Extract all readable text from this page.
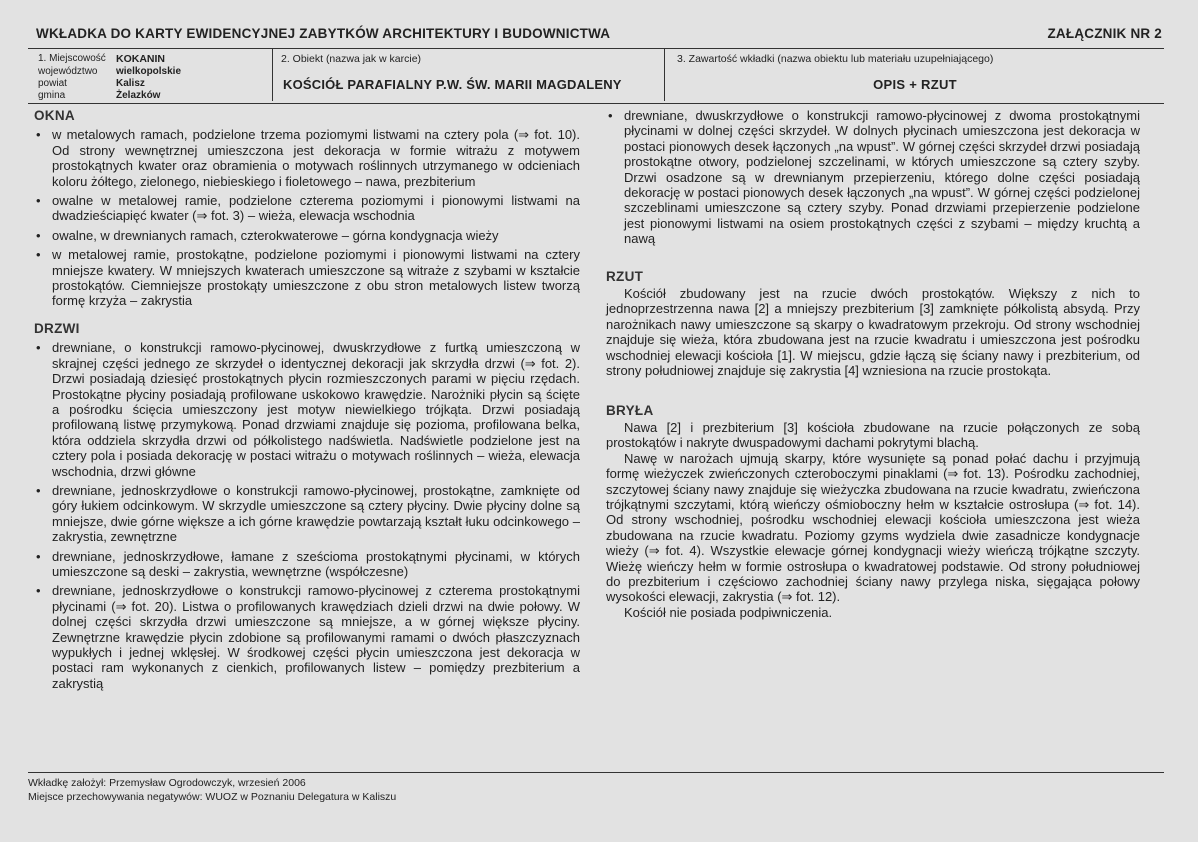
WKŁADKA DO KARTY EWIDENCYJNEJ ZABYTKÓW ARCHITEKTURY I BUDOWNICTWA	ZAŁĄCZNIK NR 2
1. Miejscowość KOKANIN
województwo wielkopolskie
powiat	Kalisz
gmina	Żelazków
2. Obiekt (nazwa jak w karcie)
KOŚCIÓŁ PARAFIALNY P.W. ŚW. MARII MAGDALENY
3. Zawartość wkładki (nazwa obiektu lub materiału uzupełniającego)
OPIS + RZUT
OKNA
• w metalowych ramach, podzielone trzema poziomymi listwami na cztery pola (⇒ fot. 10). Od strony wewnętrznej umieszczona jest dekoracja w formie witrażu z motywem prostokątnych kwater oraz obramienia o motywach roślinnych utrzymanego w odcieniach koloru żółtego, zielonego, niebieskiego i fioletowego – nawa, prezbiterium
• owalne w metalowej ramie, podzielone czterema poziomymi i pionowymi listwami na dwadzieściapięć kwater (⇒ fot. 3) – wieża, elewacja wschodnia
• owalne, w drewnianych ramach, czterokwaterowe – górna kondygnacja wieży
• w metalowej ramie, prostokątne, podzielone poziomymi i pionowymi listwami na cztery mniejsze kwatery. W mniejszych kwaterach umieszczone są witraże z szybami w kształcie prostokątów. Ciemniejsze prostokąty umieszczone z obu stron metalowych listew tworzą formę krzyża – zakrystia
DRZWI
• drewniane, o konstrukcji ramowo-płycinowej, dwuskrzydłowe z furtką umieszczoną w skrajnej części jednego ze skrzydeł o identycznej dekoracji jak skrzydła drzwi (⇒ fot. 2). Drzwi posiadają dziesięć prostokątnych płycin rozmieszczonych parami w pięciu rzędach. Prostokątne płyciny posiadają profilowane uskokowo krawędzie. Narożniki płycin są ścięte a pośrodku ścięcia umieszczony jest motyw niewielkiego trójkąta. Drzwi posiadają profilowaną listwę przymykową. Ponad drzwiami znajduje się pozioma, profilowana belka, która oddziela skrzydła drzwi od półkolistego nadświetla. Nadświetle podzielone jest na cztery pola i posiada dekorację w postaci witrażu o motywach roślinnych – wieża, elewacja wschodnia, drzwi główne
• drewniane, jednoskrzydłowe o konstrukcji ramowo-płycinowej, prostokątne, zamknięte od góry łukiem odcinkowym. W skrzydle umieszczone są cztery płyciny. Dwie płyciny dolne są mniejsze, dwie górne większe a ich górne krawędzie powtarzają kształt łuku odcinkowego – zakrystia, zewnętrzne
• drewniane, jednoskrzydłowe, łamane z sześcioma prostokątnymi płycinami, w których umieszczone są deski – zakrystia, wewnętrzne (współczesne)
• drewniane, jednoskrzydłowe o konstrukcji ramowo-płycinowej z czterema prostokątnymi płycinami (⇒ fot. 20). Listwa o profilowanych krawędziach dzieli drzwi na dwie połowy. W dolnej części skrzydła drzwi umieszczone są mniejsze, a w górnej większe płyciny. Zewnętrzne krawędzie płycin zdobione są profilowanymi ramami o dwóch płaszczyznach wypukłych i jednej wklęsłej. W środkowej części płycin umieszczona jest dekoracja w postaci ram wykonanych z cienkich, profilowanych listew – pomiędzy prezbiterium a zakrystią
• drewniane, dwuskrzydłowe o konstrukcji ramowo-płycinowej z dwoma prostokątnymi płycinami w dolnej części skrzydeł. W dolnych płycinach umieszczona jest dekoracja w postaci pionowych desek łączonych „na wpust”. W górnej części skrzydeł drzwi posiadają prostokątne otwory, podzielonej szczelinami, w których umieszczone są cztery szyby. Drzwi osadzone są w drewnianym przepierzeniu, którego dolne części posiadają dekorację w postaci pionowych desek łączonych „na wpust”. W górnej części podzielonej szczeblinami umieszczone są cztery szyby. Ponad drzwiami przepierzenie podzielone jest pionowymi listwami na osiem prostokątnych części z szybami – między kruchtą a nawą
RZUT

Kościół zbudowany jest na rzucie dwóch prostokątów. Większy z nich to jednoprzestrzenna nawa [2] a mniejszy prezbiterium [3] zamknięte półkolistą absydą. Przy narożnikach nawy umieszczone są skarpy o kwadratowym przekroju. Od strony wschodniej znajduje się wieża, która zbudowana jest na rzucie kwadratu i umieszczona jest pośrodku wschodniej elewacji kościoła [1]. W miejscu, gdzie łączą się ściany nawy i prezbiterium, od strony południowej znajduje się zakrystia [4] wzniesiona na rzucie prostokąta.

BRYŁA

Nawa [2] i prezbiterium [3] kościoła zbudowane na rzucie połączonych ze sobą prostokątów i nakryte dwuspadowymi dachami pokrytymi blachą.

Nawę w narożach ujmują skarpy, które wysunięte są ponad połać dachu i przyjmują formę wieżyczek zwieńczonych czteroboczymi pinaklami (⇒ fot. 13). Pośrodku zachodniej, szczytowej ściany nawy znajduje się wieżyczka zbudowana na rzucie kwadratu, zwieńczona trójkątnymi szczytami, którą wieńczy ośmioboczny hełm w kształcie ostrosłupa (⇒ fot. 14). Od strony wschodniej, pośrodku wschodniej elewacji kościoła umieszczona jest wieża zbudowana na rzucie kwadratu. Poziomy gzyms wydziela dwie zasadnicze kondygnacje wieży (⇒ fot. 4). Wszystkie elewacje górnej kondygnacji wieży wieńczą trójkątne szczyty. Wieżę wieńczy hełm w formie ostrosłupa o kwadratowej podstawie. Od strony południowej do prezbiterium i częściowo zachodniej ściany nawy przylega niska, sięgająca połowy wysokości elewacji, zakrystia (⇒ fot. 12).

Kościół nie posiada podpiwniczenia.

Wkładkę założył: Przemysław Ogrodowczyk, wrzesień 2006
Miejsce przechowywania negatywów: WUOZ w Poznaniu Delegatura w Kaliszu
